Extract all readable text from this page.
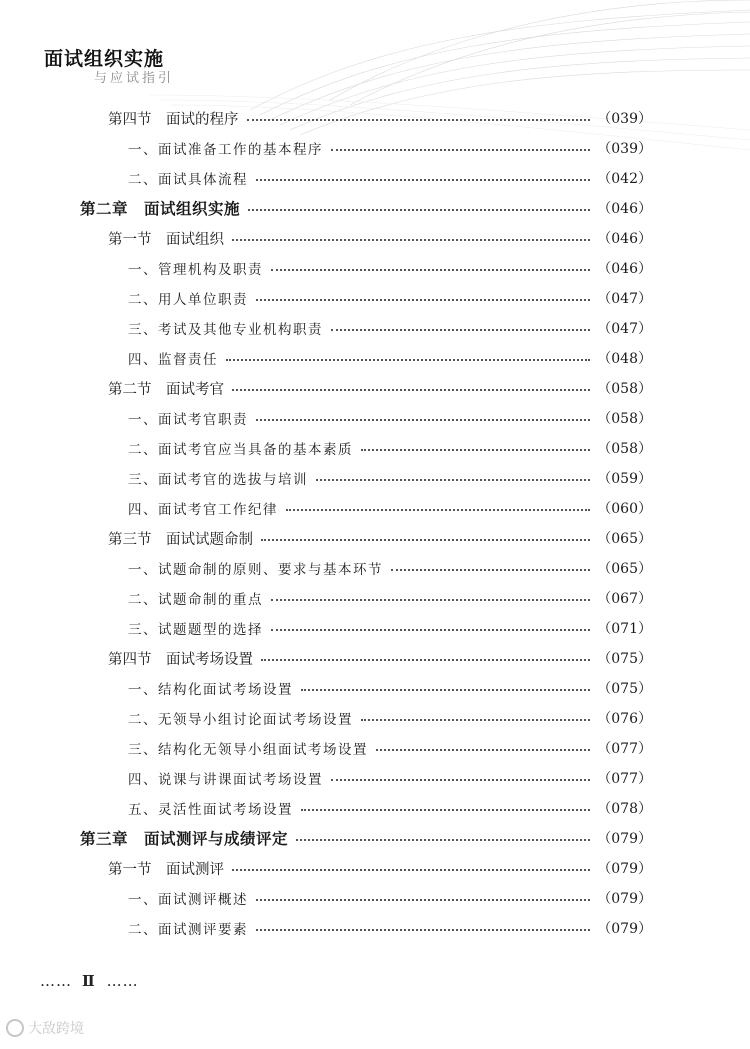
面试组织实施
与应试指引
第四节　面试的程序	（039）
一、面试准备工作的基本程序	（039）
二、面试具体流程	（042）
第二章　面试组织实施	（046）
第一节　面试组织	（046）
一、管理机构及职责	（046）
二、用人单位职责	（047）
三、考试及其他专业机构职责	（047）
四、监督责任	（048）
第二节　面试考官	（058）
一、面试考官职责	（058）
二、面试考官应当具备的基本素质	（058）
三、面试考官的选拔与培训	（059）
四、面试考官工作纪律	（060）
第三节　面试试题命制	（065）
一、试题命制的原则、要求与基本环节	（065）
二、试题命制的重点	（067）
三、试题题型的选择	（071）
第四节　面试考场设置	（075）
一、结构化面试考场设置	（075）
二、无领导小组讨论面试考场设置	（076）
三、结构化无领导小组面试考场设置	（077）
四、说课与讲课面试考场设置	（077）
五、灵活性面试考场设置	（078）
第三章　面试测评与成绩评定	（079）
第一节　面试测评	（079）
一、面试测评概述	（079）
二、面试测评要素	（079）
…… Ⅱ ……
大敌跨境
